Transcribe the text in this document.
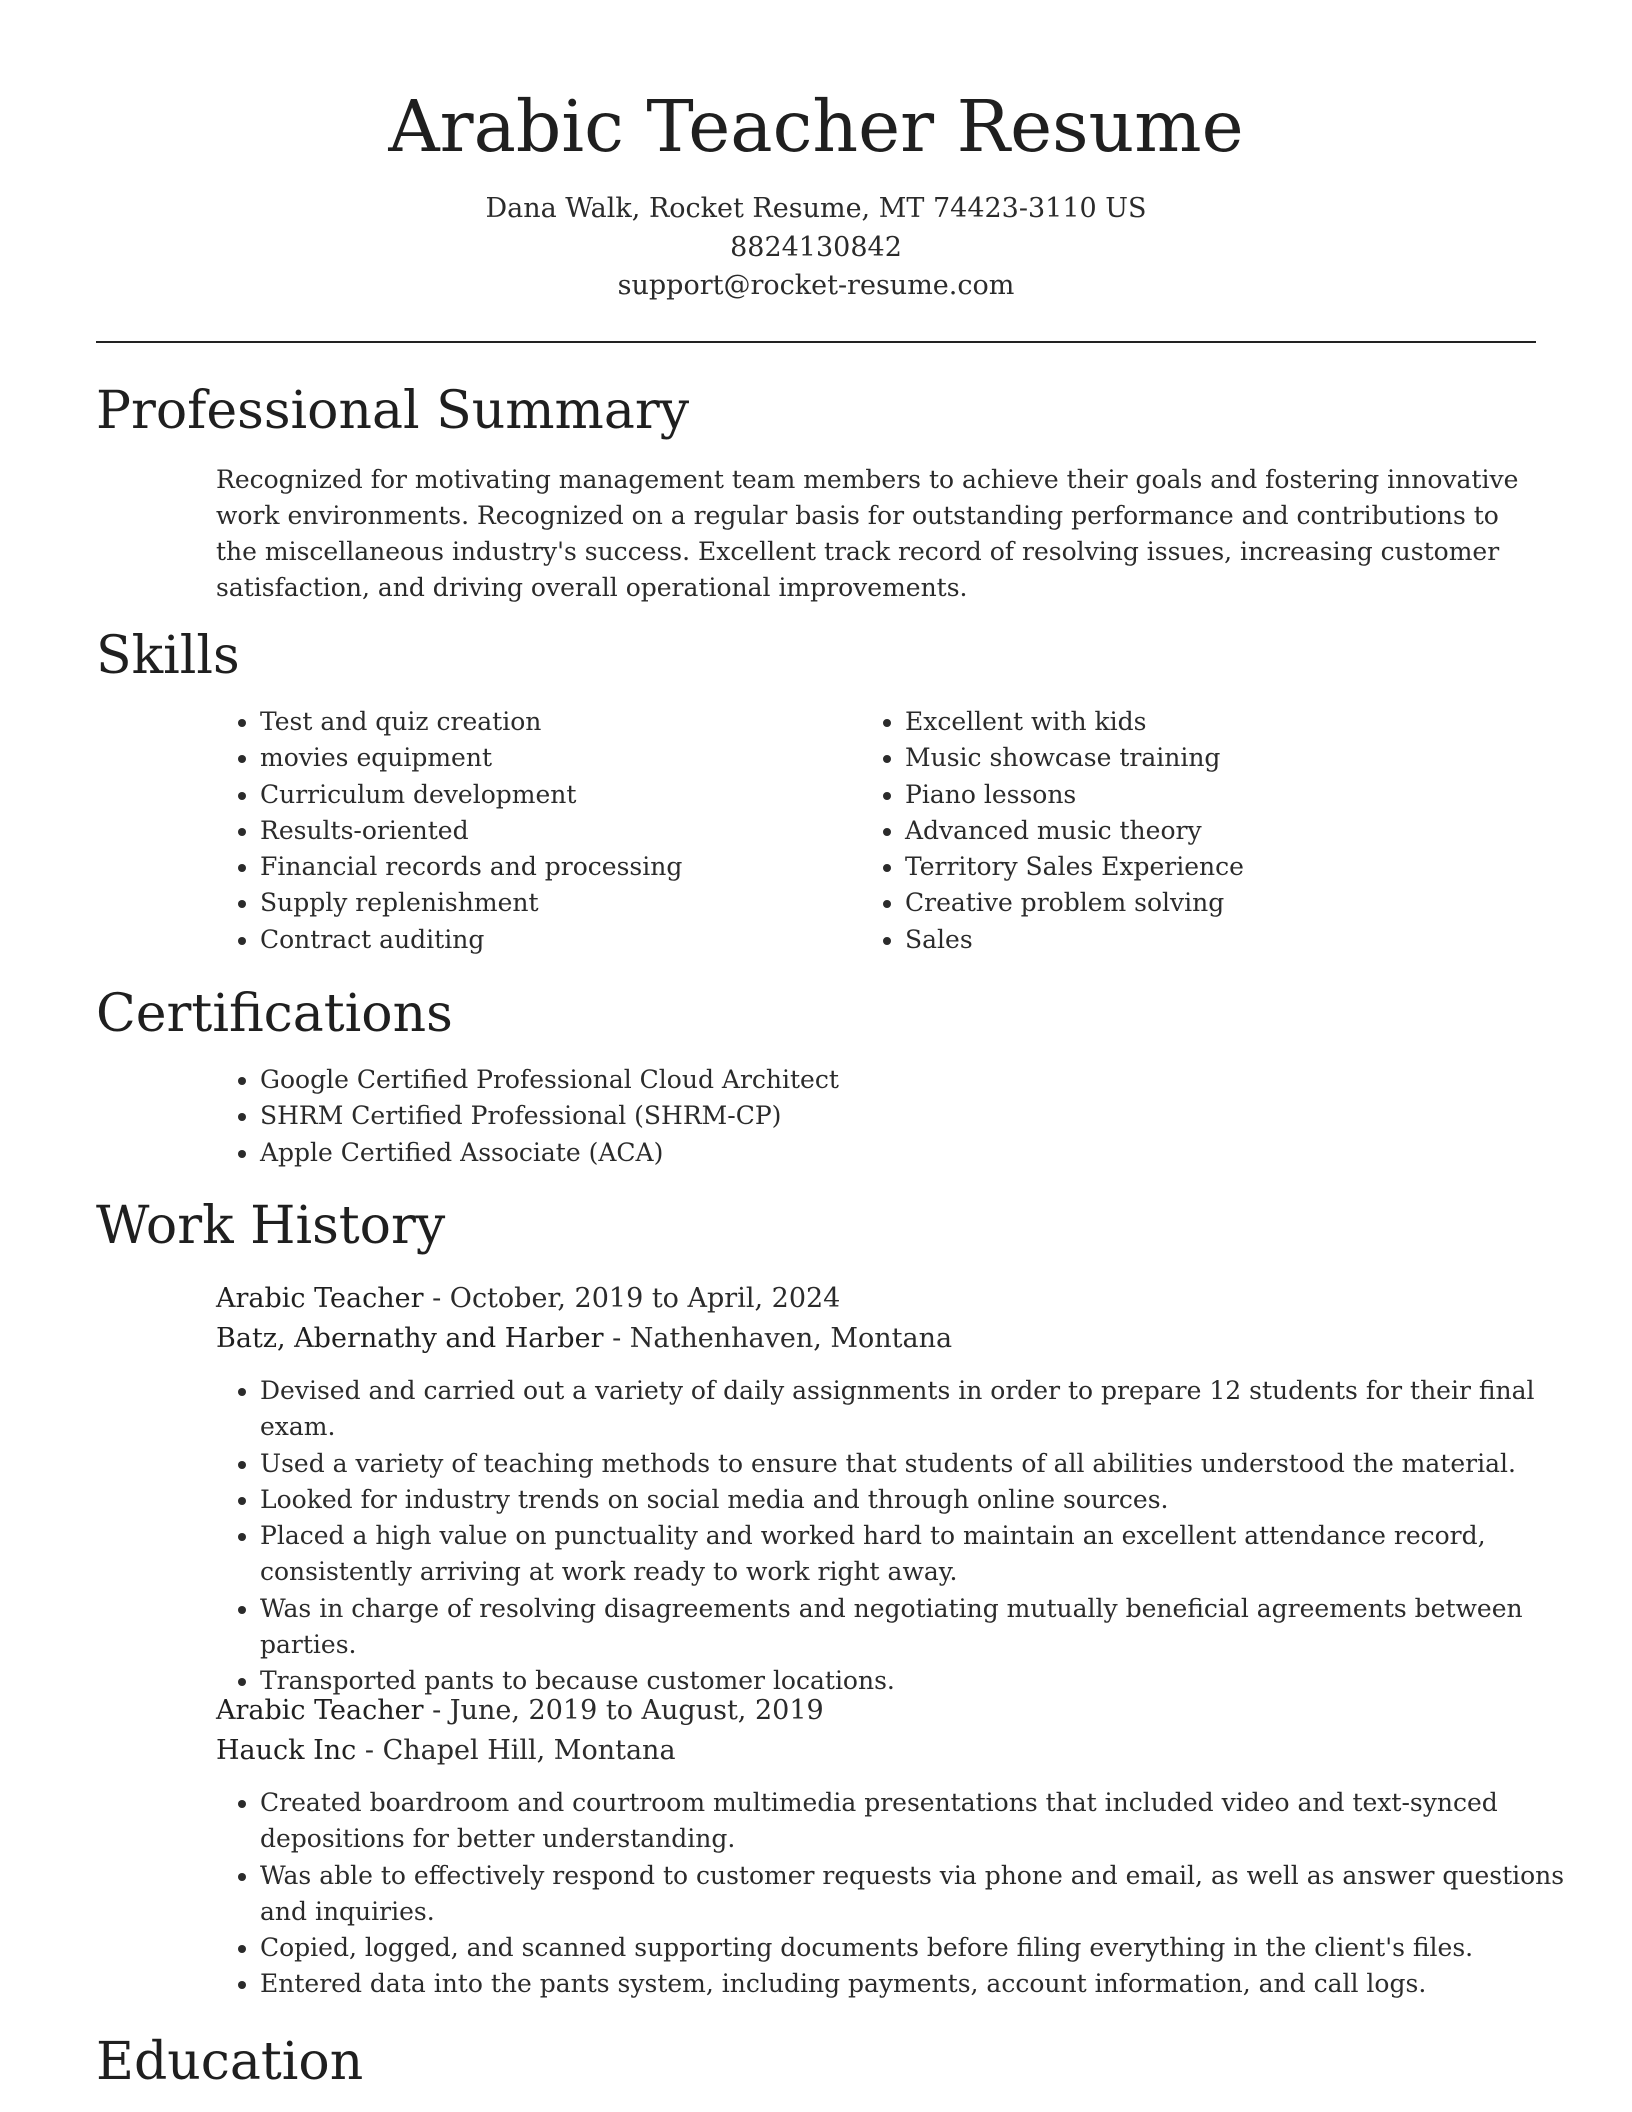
Arabic Teacher Resume
Dana Walk, Rocket Resume, MT 74423-3110 US
8824130842
support@rocket-resume.com
Professional Summary

Recognized for motivating management team members to achieve their goals and fostering innovative work environments. Recognized on a regular basis for outstanding performance and contributions to the miscellaneous industry's success. Excellent track record of resolving issues, increasing customer satisfaction, and driving overall operational improvements.

Skills
• Test and quiz creation
• movies equipment
• Curriculum development
• Results-oriented
• Financial records and processing
• Supply replenishment
• Contract auditing
• Excellent with kids
• Music showcase training
• Piano lessons
• Advanced music theory
• Territory Sales Experience
• Creative problem solving
• Sales
Certifications
• Google Certified Professional Cloud Architect
• SHRM Certified Professional (SHRM-CP)
• Apple Certified Associate (ACA)
Work History
Arabic Teacher - October, 2019 to April, 2024
Batz, Abernathy and Harber - Nathenhaven, Montana
• Devised and carried out a variety of daily assignments in order to prepare 12 students for their final exam.
• Used a variety of teaching methods to ensure that students of all abilities understood the material.
• Looked for industry trends on social media and through online sources.
• Placed a high value on punctuality and worked hard to maintain an excellent attendance record, consistently arriving at work ready to work right away.
• Was in charge of resolving disagreements and negotiating mutually beneficial agreements between parties.
• Transported pants to because customer locations.
Arabic Teacher - June, 2019 to August, 2019
Hauck Inc - Chapel Hill, Montana
• Created boardroom and courtroom multimedia presentations that included video and text-synced depositions for better understanding.
• Was able to effectively respond to customer requests via phone and email, as well as answer questions and inquiries.
• Copied, logged, and scanned supporting documents before filing everything in the client's files.
• Entered data into the pants system, including payments, account information, and call logs.
Education
